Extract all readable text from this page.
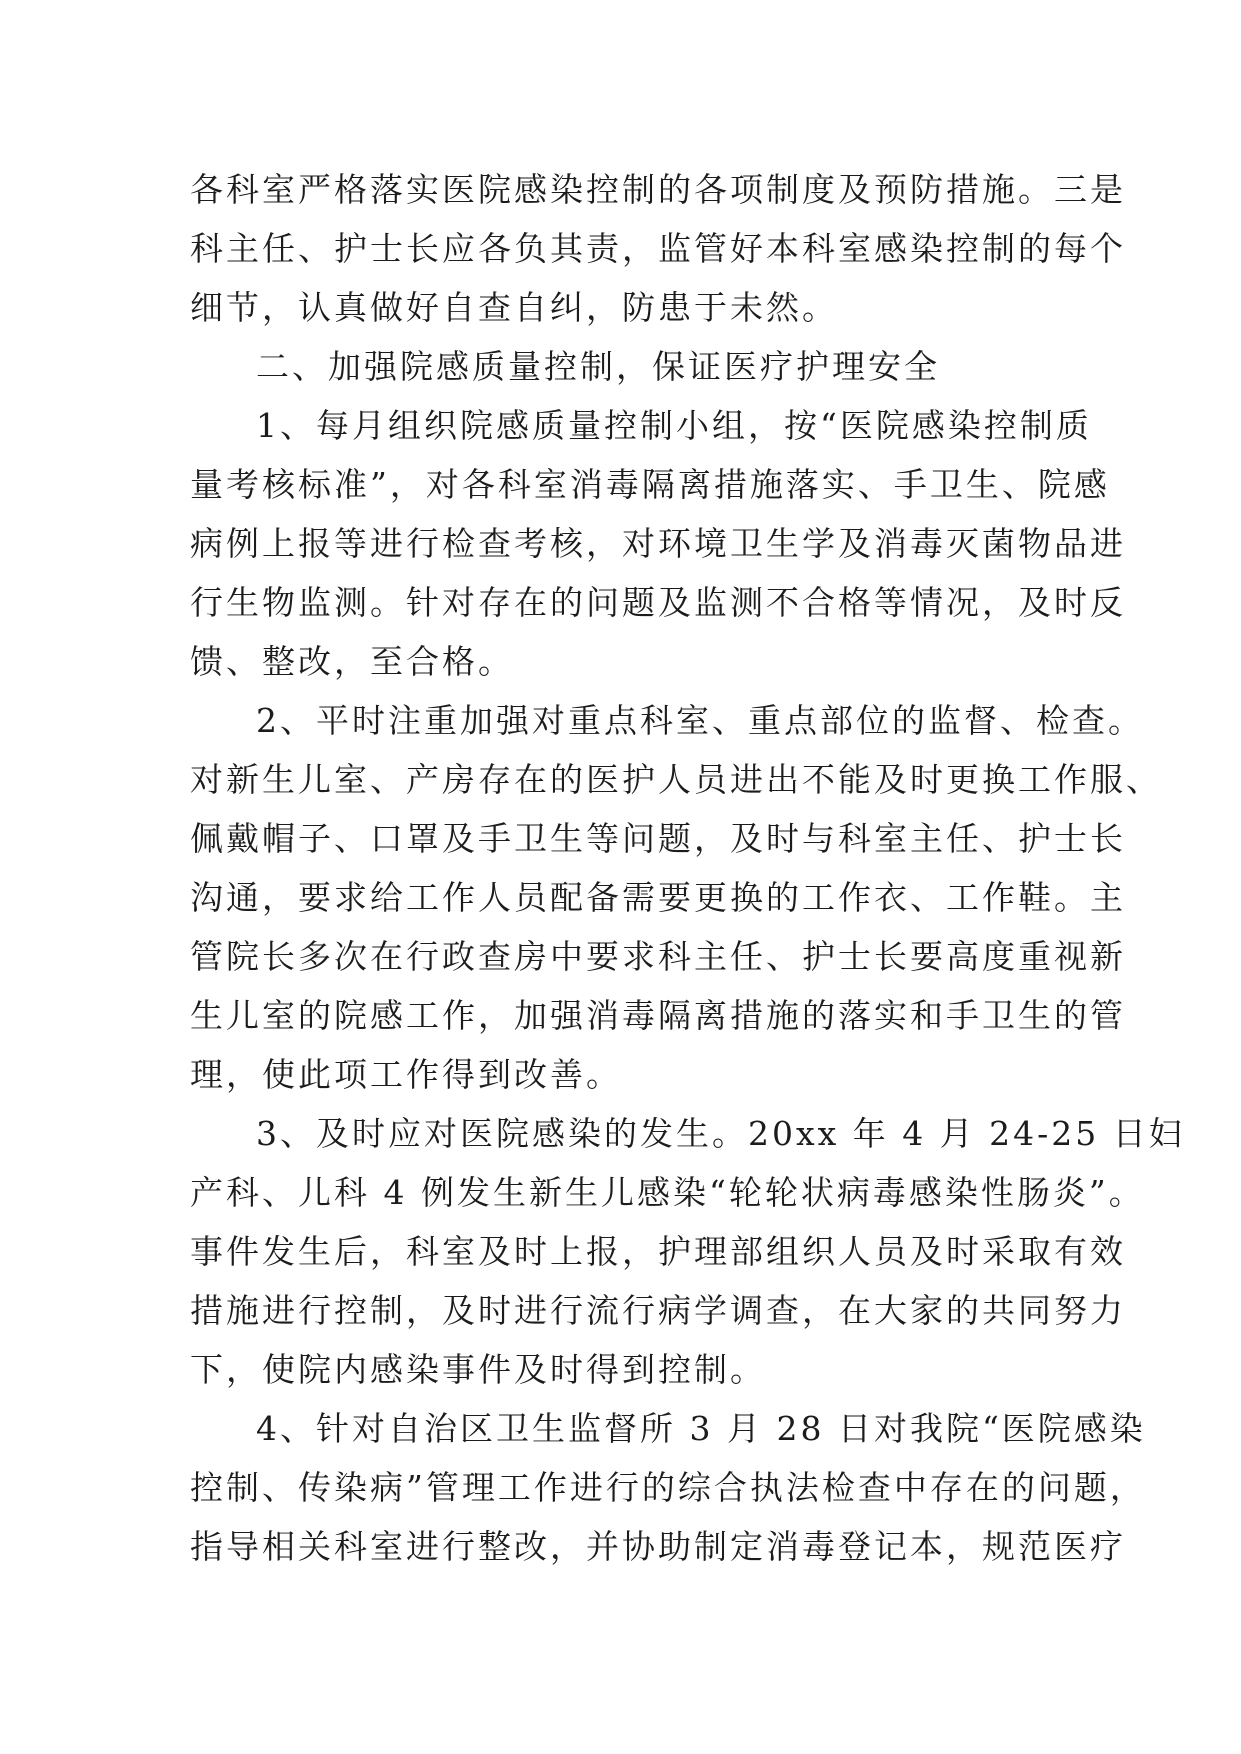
各科室严格落实医院感染控制的各项制度及预防措施。三是
科主任、护士长应各负其责，监管好本科室感染控制的每个
细节，认真做好自查自纠，防患于未然。
二、加强院感质量控制，保证医疗护理安全
1、每月组织院感质量控制小组，按“医院感染控制质
量考核标准”，对各科室消毒隔离措施落实、手卫生、院感
病例上报等进行检查考核，对环境卫生学及消毒灭菌物品进
行生物监测。针对存在的问题及监测不合格等情况，及时反
馈、整改，至合格。
2、平时注重加强对重点科室、重点部位的监督、检查。
对新生儿室、产房存在的医护人员进出不能及时更换工作服、
佩戴帽子、口罩及手卫生等问题，及时与科室主任、护士长
沟通，要求给工作人员配备需要更换的工作衣、工作鞋。主
管院长多次在行政查房中要求科主任、护士长要高度重视新
生儿室的院感工作，加强消毒隔离措施的落实和手卫生的管
理，使此项工作得到改善。
3、及时应对医院感染的发生。20xx 年 4 月 24-25 日妇
产科、儿科 4 例发生新生儿感染“轮轮状病毒感染性肠炎”。
事件发生后，科室及时上报，护理部组织人员及时采取有效
措施进行控制，及时进行流行病学调查，在大家的共同努力
下，使院内感染事件及时得到控制。
4、针对自治区卫生监督所 3 月 28 日对我院“医院感染
控制、传染病”管理工作进行的综合执法检查中存在的问题，
指导相关科室进行整改，并协助制定消毒登记本，规范医疗
